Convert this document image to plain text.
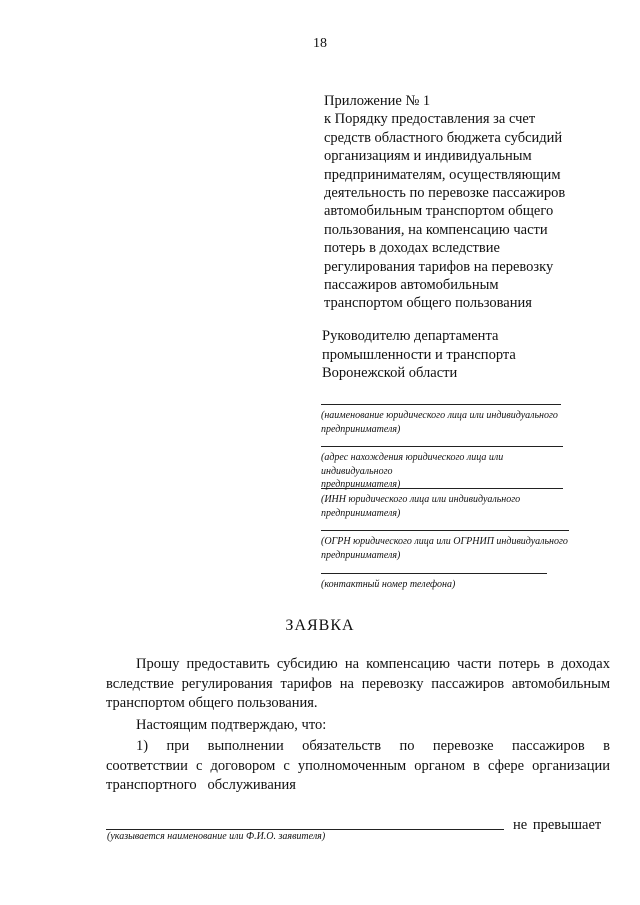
18
Приложение № 1
к Порядку предоставления за счет
средств областного бюджета субсидий
организациям и индивидуальным
предпринимателям, осуществляющим
деятельность по перевозке пассажиров
автомобильным транспортом общего
пользования, на компенсацию части
потерь в доходах вследствие
регулирования тарифов на перевозку
пассажиров автомобильным
транспортом общего пользования
Руководителю департамента
промышленности и транспорта
Воронежской области
(наименование юридического лица или индивидуального
предпринимателя)
(адрес нахождения юридического лица или индивидуального
предпринимателя)
(ИНН юридического лица или индивидуального
предпринимателя)
(ОГРН юридического лица или ОГРНИП индивидуального
предпринимателя)
(контактный номер телефона)
ЗАЯВКА
Прошу предоставить субсидию на компенсацию части потерь в доходах
вследствие регулирования тарифов на перевозку пассажиров автомобильным
транспортом общего пользования.
Настоящим подтверждаю, что:
1)   при   выполнении   обязательств   по   перевозке   пассажиров   в
соответствии с договором с уполномоченным органом в сфере организации
транспортного   обслуживания
(указывается наименование или Ф.И.О. заявителя)
не превышает
